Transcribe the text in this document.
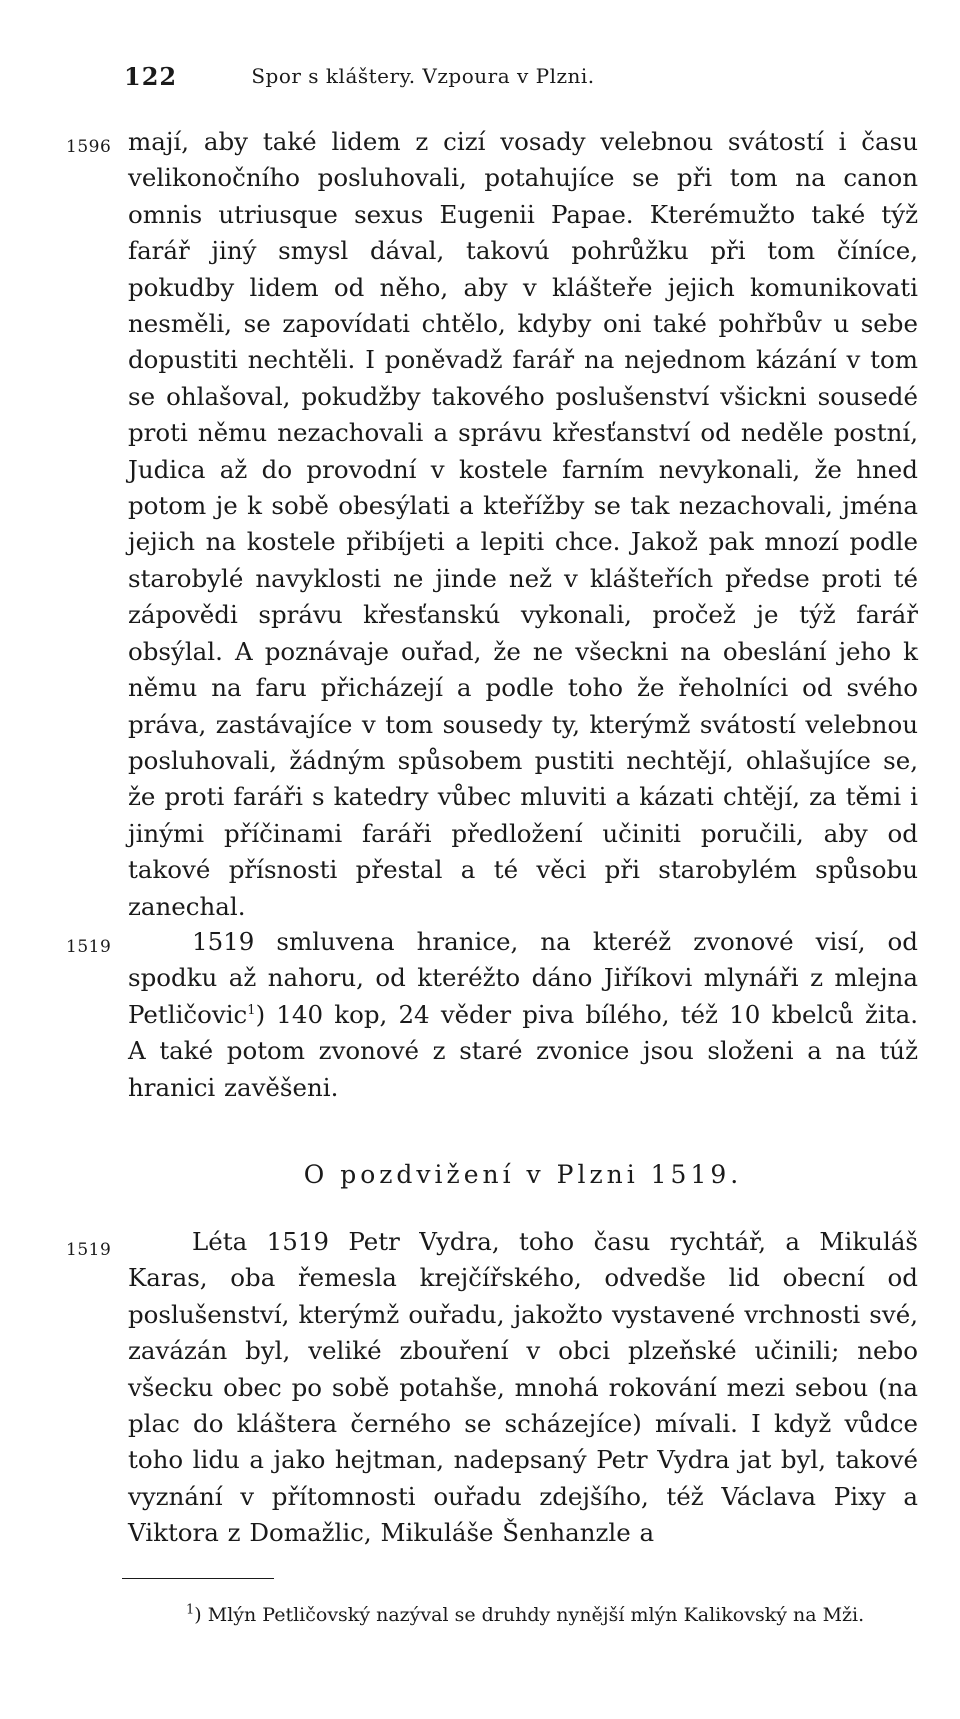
122	Spor s kláštery. Vzpoura v Plzni.
1596 mají, aby také lidem z cizí vosady velebnou svátostí i času velikonočního posluhovali, potahujíce se při tom na canon omnis utriusque sexus Eugenii Papae. Kterémužto také týž farář jiný smysl dával, takovú pohrůžku při tom číníce, pokudby lidem od něho, aby v klášteře jejich komunikovati nesměli, se zapovídati chtělo, kdyby oni také pohřbův u sebe dopustiti nechtěli. I poněvadž farář na nejednom kázání v tom se ohlašoval, pokudžby takového poslušenství všickni sousedé proti němu nezachovali a správu křesťanství od neděle postní, Judica až do provodní v kostele farním nevykonali, že hned potom je k sobě obesýlati a kteřížby se tak nezachovali, jména jejich na kostele přibíjeti a lepiti chce. Jakož pak mnozí podle starobylé navyklosti ne jinde než v klášteřích předse proti té zápovědi správu křesťanskú vykonali, pročež je týž farář obsýlal. A poznávaje ouřad, že ne všeckni na obeslání jeho k němu na faru přicházejí a podle toho že řeholníci od svého práva, zastávajíce v tom sousedy ty, kterýmž svátostí velebnou posluhovali, žádným spůsobem pustiti nechtějí, ohlašujíce se, že proti faráři s katedry vůbec mluviti a kázati chtějí, za těmi i jinými příčinami faráři předložení učiniti poručili, aby od takové přísnosti přestal a té věci při starobylém spůsobu zanechal.
1519	1519 smluvena hranice, na kteréž zvonové visí, od spodku až nahoru, od kteréžto dáno Jiříkovi mlynáři z mlejna Petličovic$^1$) 140 kop, 24 věder piva bílého, též 10 kbelců žita. A také potom zvonové z staré zvonice jsou složeni a na túž hranici zavěšeni.
O pozdvižení v Plzni 1519.
1519	Léta 1519 Petr Vydra, toho času rychtář, a Mikuláš Karas, oba řemesla krejčířského, odvedše lid obecní od poslušenství, kterýmž ouřadu, jakožto vystavené vrchnosti své, zavázán byl, veliké zbouření v obci plzeňské učinili; nebo všecku obec po sobě potahše, mnohá rokování mezi sebou (na plac do kláštera černého se scházejíce) mívali. I když vůdce toho lidu a jako hejtman, nadepsaný Petr Vydra jat byl, takové vyznání v přítomnosti ouřadu zdejšího, též Václava Pixy a Viktora z Domažlic, Mikuláše Šenhanzle a
$^1$) Mlýn Petličovský nazýval se druhdy nynější mlýn Kalikovský na Mži.
